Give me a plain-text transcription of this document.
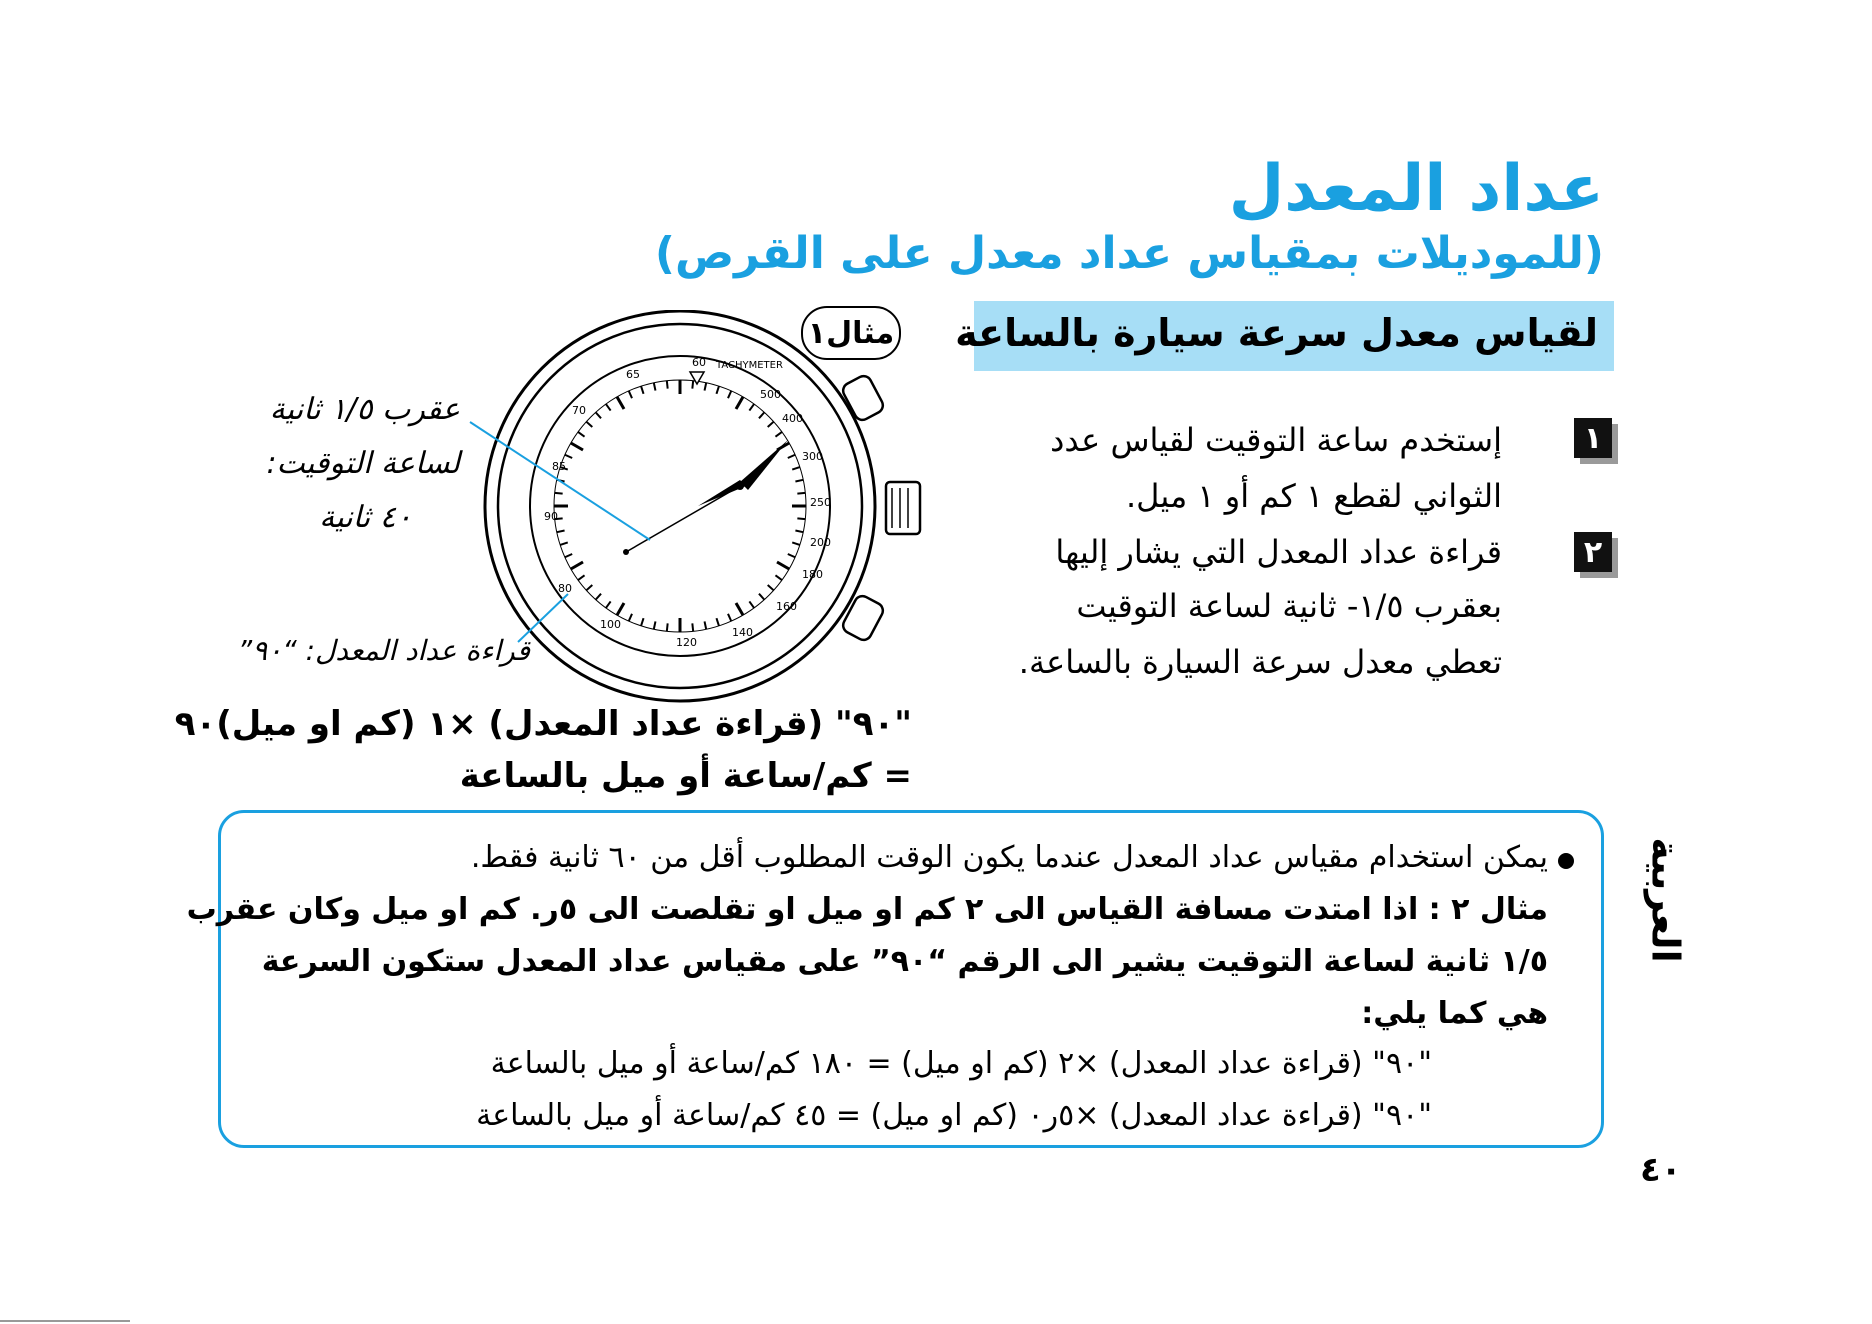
عداد المعدل
(للموديلات بمقياس عداد معدل على القرص)
لقياس معدل سرعة سيارة بالساعة
١
إستخدم ساعة التوقيت لقياس عدد
الثواني لقطع ١ كم أو ١ ميل.
٢
قراءة عداد المعدل التي يشار إليها
بعقرب ١/٥- ثانية لساعة التوقيت
تعطي معدل سرعة السيارة بالساعة.
60
65
70
85
90
80
100
120
140
160
180
200
250
300
400
500
TACHYMETER
مثال١
عقرب ١/٥ ثانية
لساعة التوقيت:
٤٠ ثانية
قراءة عداد المعدل: “٩٠”
"٩٠" (قراءة عداد المعدل) ×١ (كم او ميل)٩٠
= كم/ساعة أو ميل بالساعة
يمكن استخدام مقياس عداد المعدل عندما يكون الوقت المطلوب أقل من ٦٠ ثانية فقط.
مثال ٢ : اذا امتدت مسافة القياس الى ٢ كم او ميل او تقلصت الى ٥ر. كم او ميل وكان عقرب
١/٥ ثانية لساعة التوقيت يشير الى الرقم “٩٠” على مقياس عداد المعدل ستكون السرعة
هي كما يلي:
"٩٠" (قراءة عداد المعدل) ×٢ (كم او ميل) = ١٨٠ كم/ساعة أو ميل بالساعة
"٩٠" (قراءة عداد المعدل) ×٥ر٠ (كم او ميل) = ٤٥ كم/ساعة أو ميل بالساعة
العربية
٤٠
